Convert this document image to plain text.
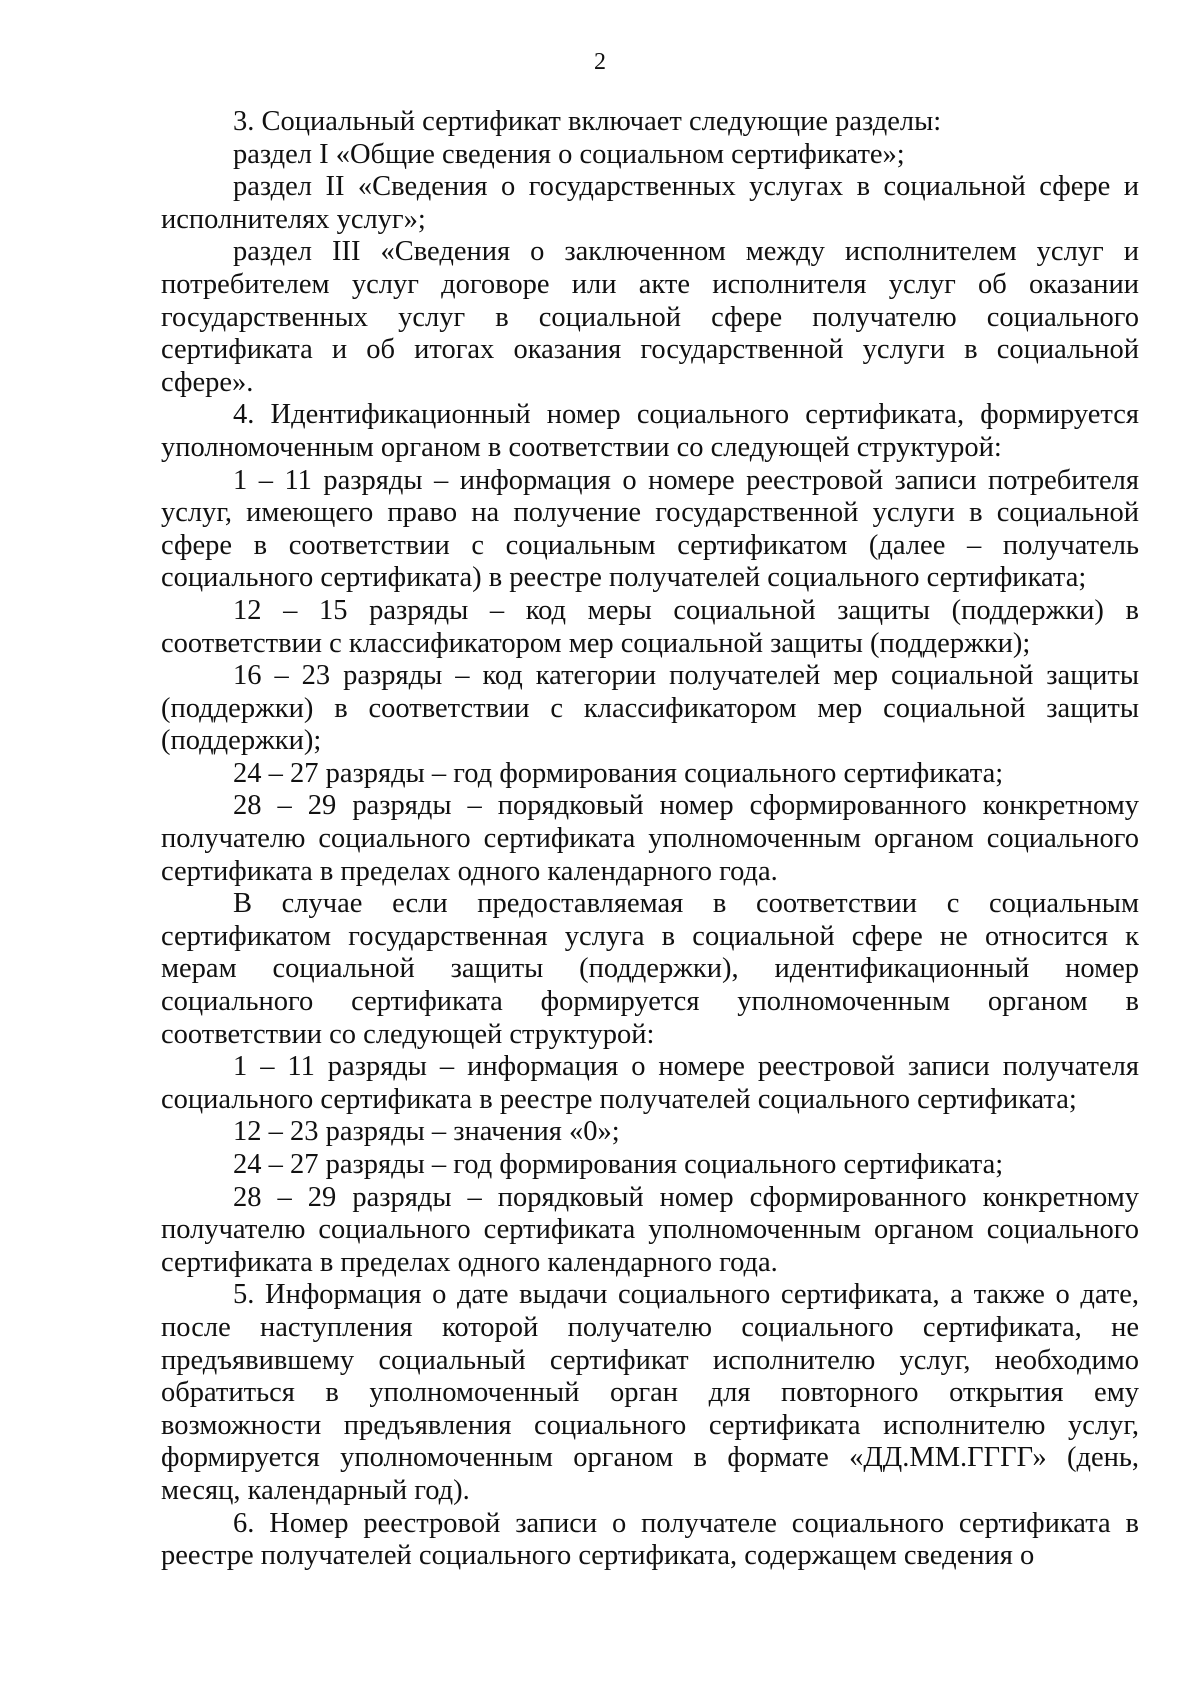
2

3. Социальный сертификат включает следующие разделы:

раздел I «Общие сведения о социальном сертификате»;

раздел II «Сведения о государственных услугах в социальной сфере и исполнителях услуг»;

раздел III «Сведения о заключенном между исполнителем услуг и потребителем услуг договоре или акте исполнителя услуг об оказании государственных услуг в социальной сфере получателю социального сертификата и об итогах оказания государственной услуги в социальной сфере».

4. Идентификационный номер социального сертификата, формируется уполномоченным органом в соответствии со следующей структурой:

1 – 11 разряды – информация о номере реестровой записи потребителя услуг, имеющего право на получение государственной услуги в социальной сфере в соответствии с социальным сертификатом (далее – получатель социального сертификата) в реестре получателей социального сертификата;

12 – 15 разряды – код меры социальной защиты (поддержки) в соответствии с классификатором мер социальной защиты (поддержки);

16 – 23 разряды – код категории получателей мер социальной защиты (поддержки) в соответствии с классификатором мер социальной защиты (поддержки);

24 – 27 разряды – год формирования социального сертификата;

28 – 29 разряды – порядковый номер сформированного конкретному получателю социального сертификата уполномоченным органом социального сертификата в пределах одного календарного года.

В случае если предоставляемая в соответствии с социальным сертификатом государственная услуга в социальной сфере не относится к мерам социальной защиты (поддержки), идентификационный номер социального сертификата формируется уполномоченным органом в соответствии со следующей структурой:

1 – 11 разряды – информация о номере реестровой записи получателя социального сертификата в реестре получателей социального сертификата;

12 – 23 разряды – значения «0»;

24 – 27 разряды – год формирования социального сертификата;

28 – 29 разряды – порядковый номер сформированного конкретному получателю социального сертификата уполномоченным органом социального сертификата в пределах одного календарного года.

5. Информация о дате выдачи социального сертификата, а также о дате, после наступления которой получателю социального сертификата, не предъявившему социальный сертификат исполнителю услуг, необходимо обратиться в уполномоченный орган для повторного открытия ему возможности предъявления социального сертификата исполнителю услуг, формируется уполномоченным органом в формате «ДД.ММ.ГГГГ» (день, месяц, календарный год).

6. Номер реестровой записи о получателе социального сертификата в реестре получателей социального сертификата, содержащем сведения о
